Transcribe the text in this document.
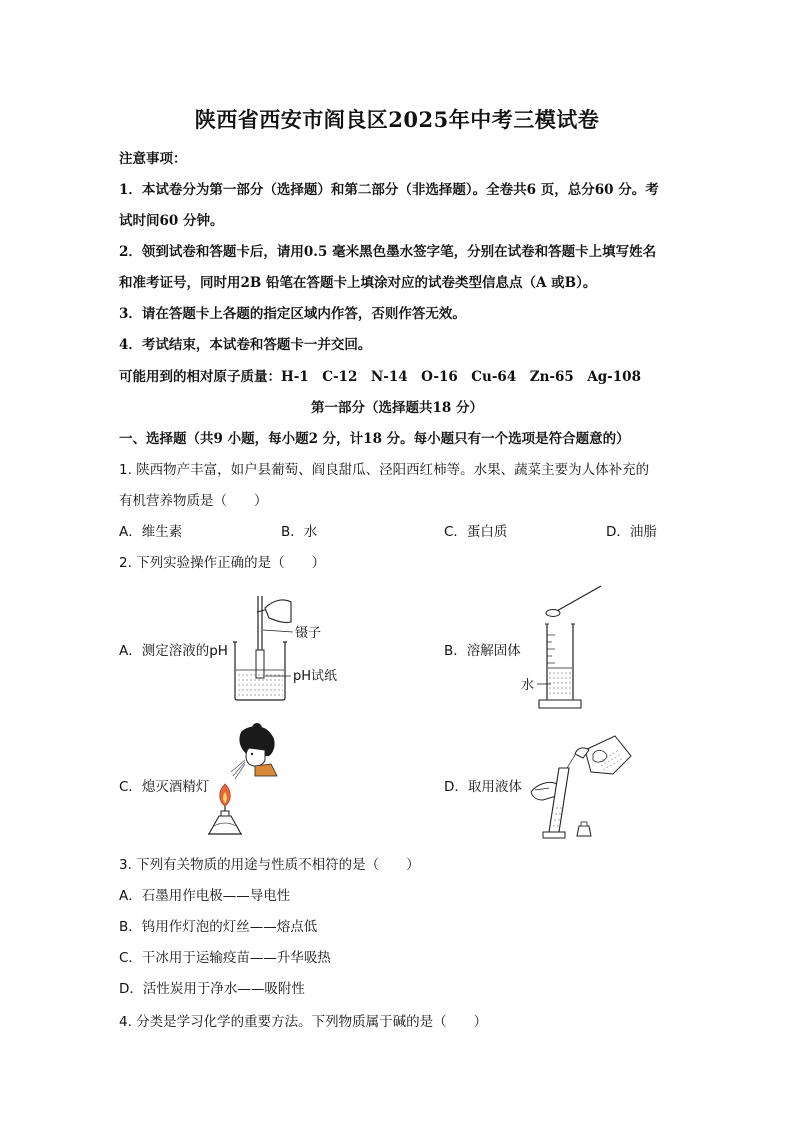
陕西省西安市阎良区2025年中考三模试卷
注意事项：
1．本试卷分为第一部分（选择题）和第二部分（非选择题）。全卷共6 页，总分60 分。考
试时间60 分钟。
2．领到试卷和答题卡后，请用0.5 毫米黑色墨水签字笔，分别在试卷和答题卡上填写姓名
和准考证号，同时用2B 铅笔在答题卡上填涂对应的试卷类型信息点（A 或B）。
3．请在答题卡上各题的指定区域内作答，否则作答无效。
4．考试结束，本试卷和答题卡一并交回。
可能用到的相对原子质量：H-1　C-12　N-14　O-16　Cu-64　Zn-65　Ag-108
第一部分（选择题共18 分）
一、选择题（共9 小题，每小题2 分，计18 分。每小题只有一个选项是符合题意的）
1. 陕西物产丰富，如户县葡萄、阎良甜瓜、泾阳西红柿等。水果、蔬菜主要为人体补充的
有机营养物质是（　　）
A．维生素	B．水	C．蛋白质	D．油脂
2. 下列实验操作正确的是（　　）
A．测定溶液的pH	B．溶解固体
C．熄灭酒精灯	D．取用液体
镊子
pH试纸
水
3. 下列有关物质的用途与性质不相符的是（　　）
A．石墨用作电极——导电性
B．钨用作灯泡的灯丝——熔点低
C．干冰用于运输疫苗——升华吸热
D．活性炭用于净水——吸附性
4. 分类是学习化学的重要方法。下列物质属于碱的是（　　）
